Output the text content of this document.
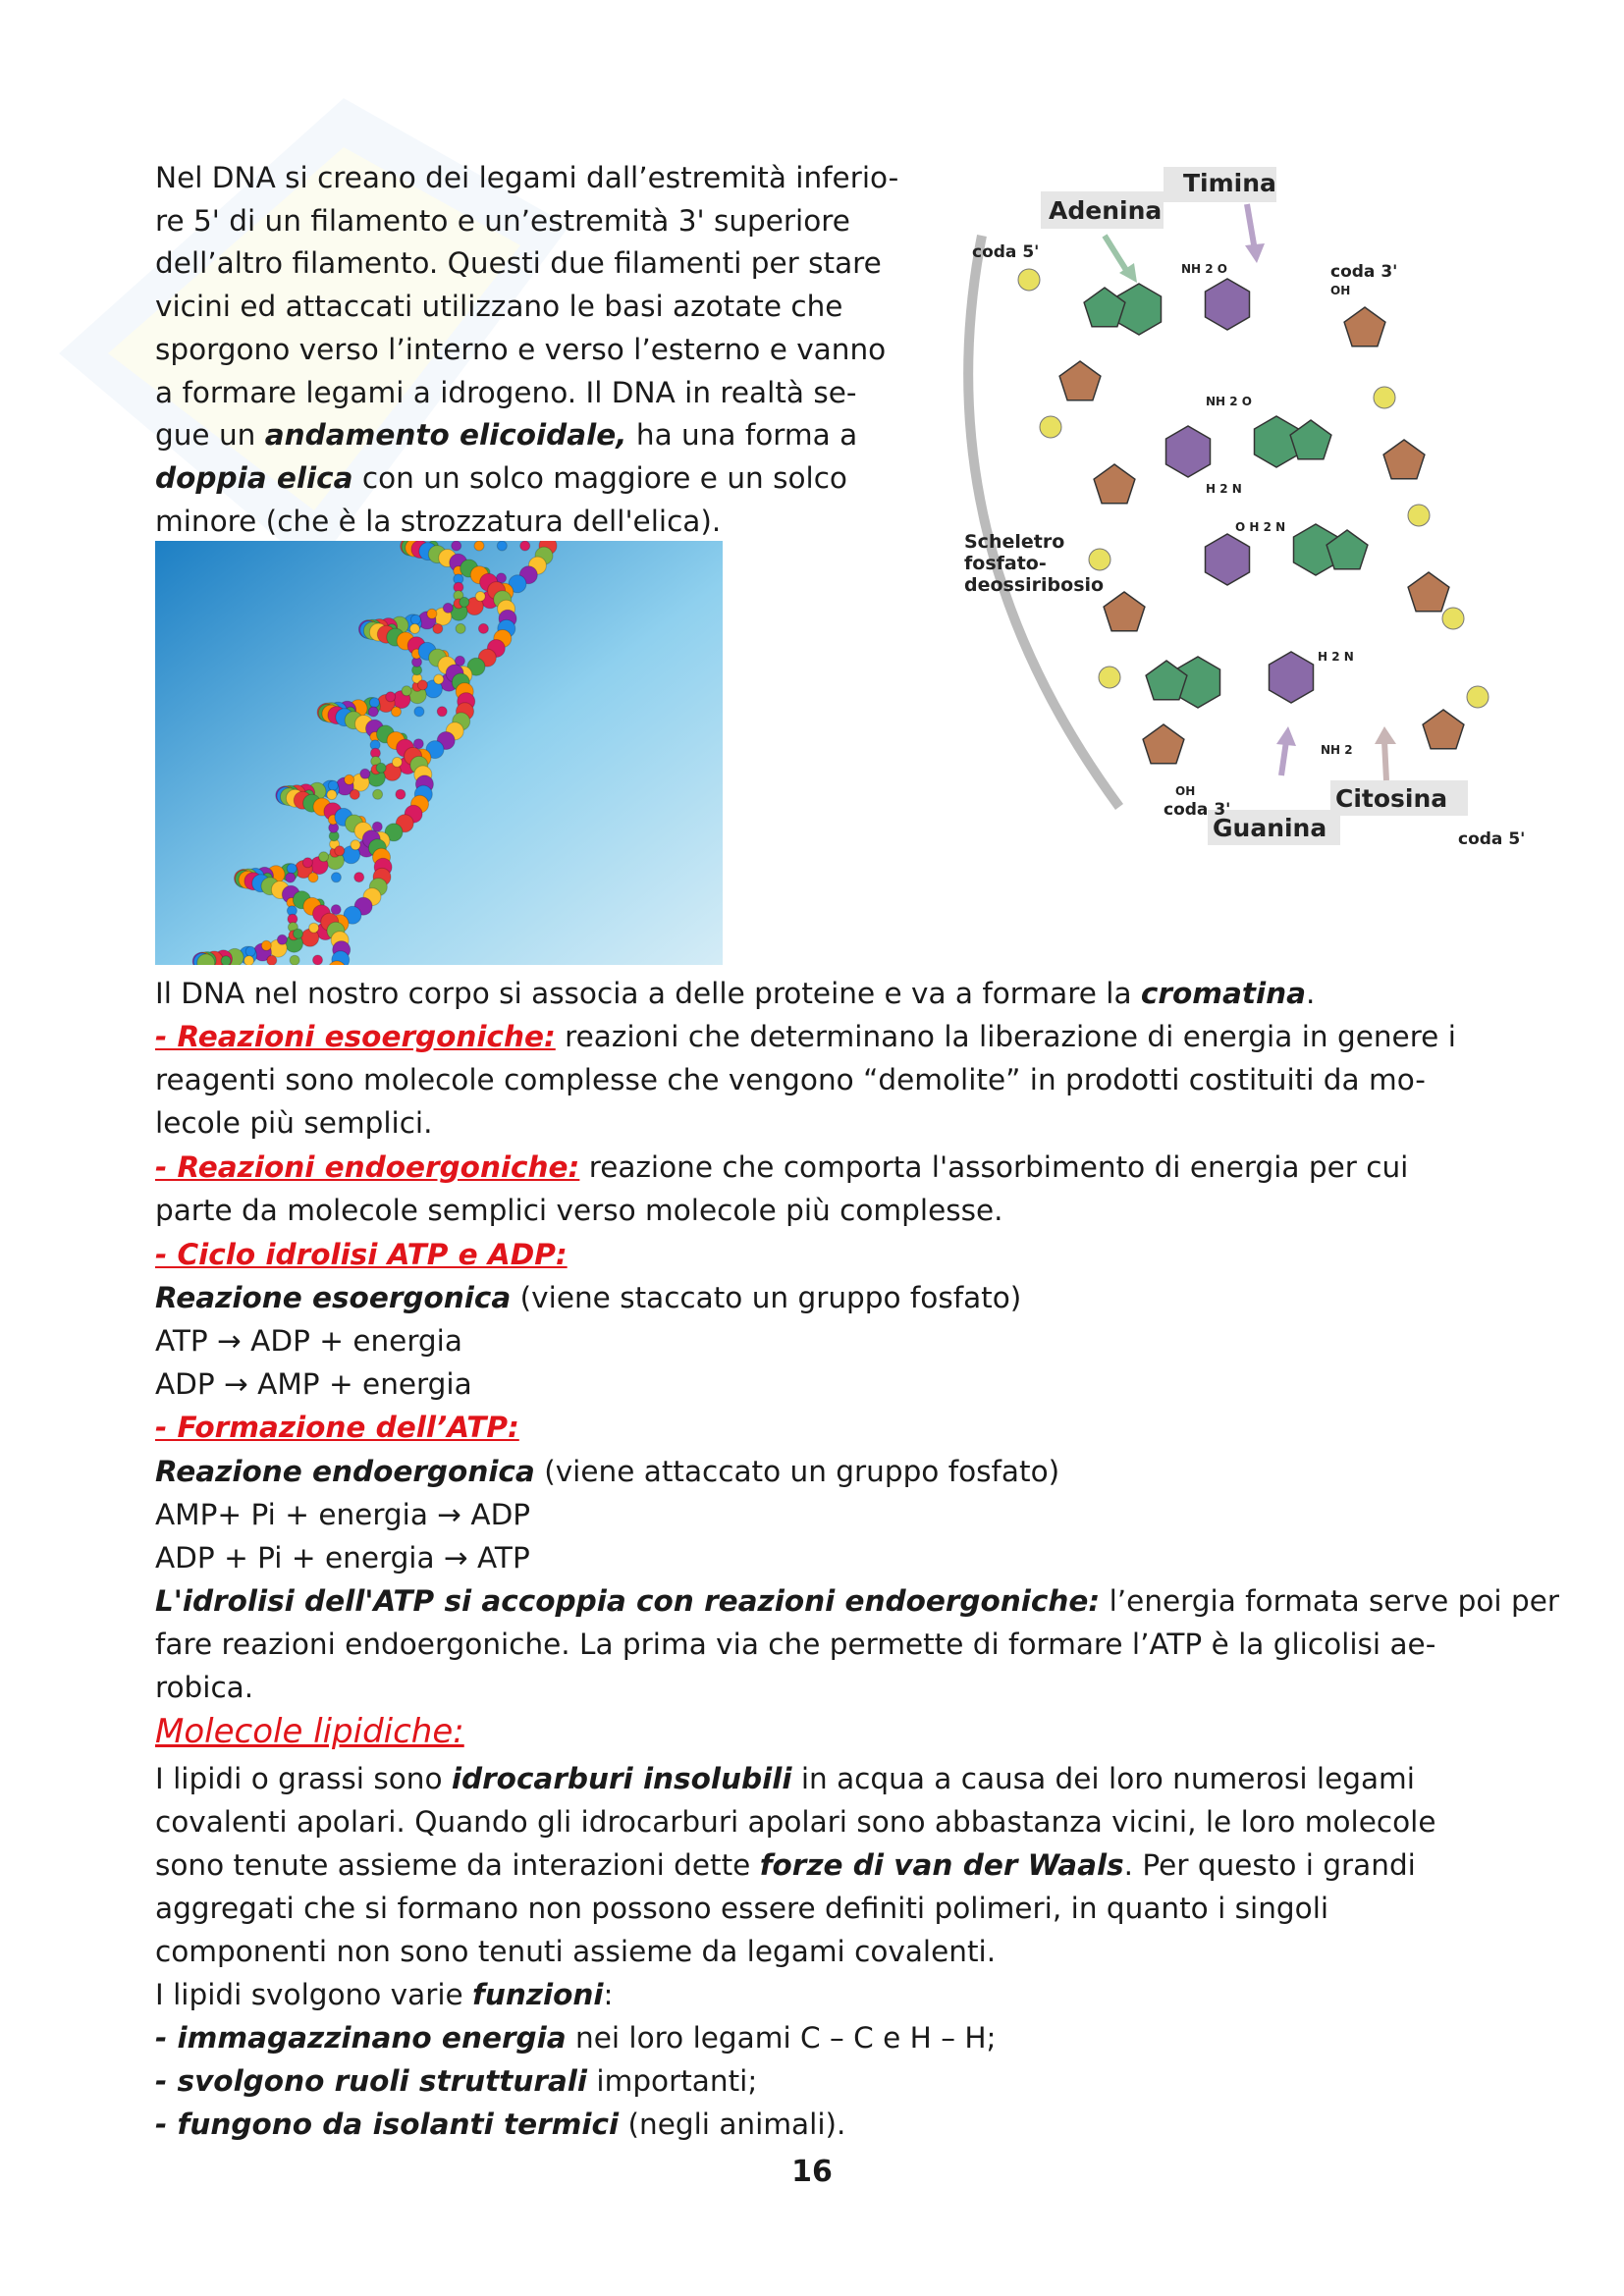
Nel DNA si creano dei legami dall’estremità inferio-
re 5' di un filamento e un’estremità 3' superiore
dell’altro filamento. Questi due filamenti per stare
vicini ed attaccati utilizzano le basi azotate che
sporgono verso l’interno e verso l’esterno e vanno
a formare legami a idrogeno. Il DNA in realtà se-
gue un andamento elicoidale, ha una forma a
doppia elica con un solco maggiore e un solco
minore (che è la strozzatura dell'elica).
Adenina
Timina
coda 5'
coda 3'
Scheletro
fosfato-
deossiribosio
Citosina
Guanina
coda 3'
coda 5'
OH
OH
NH 2 O
NH 2 O
H 2 N
O H 2 N
H 2 N
NH 2
Il DNA nel nostro corpo si associa a delle proteine e va a formare la cromatina.
- Reazioni esoergoniche: reazioni che determinano la liberazione di energia in genere i
reagenti sono molecole complesse che vengono “demolite” in prodotti costituiti da mo-
lecole più semplici.
- Reazioni endoergoniche: reazione che comporta l'assorbimento di energia per cui
parte da molecole semplici verso molecole più complesse.
- Ciclo idrolisi ATP e ADP:
Reazione esoergonica (viene staccato un gruppo fosfato)
ATP → ADP + energia
ADP → AMP + energia
- Formazione dell’ATP:
Reazione endoergonica (viene attaccato un gruppo fosfato)
AMP+ Pi + energia → ADP
ADP + Pi + energia → ATP
L'idrolisi dell'ATP si accoppia con reazioni endoergoniche: l’energia formata serve poi per
fare reazioni endoergoniche. La prima via che permette di formare l’ATP è la glicolisi ae-
robica.
Molecole lipidiche:
I lipidi o grassi sono idrocarburi insolubili in acqua a causa dei loro numerosi legami
covalenti apolari. Quando gli idrocarburi apolari sono abbastanza vicini, le loro molecole
sono tenute assieme da interazioni dette forze di van der Waals. Per questo i grandi
aggregati che si formano non possono essere definiti polimeri, in quanto i singoli
componenti non sono tenuti assieme da legami covalenti.
I lipidi svolgono varie funzioni:
- immagazzinano energia nei loro legami C – C e H – H;
- svolgono ruoli strutturali importanti;
- fungono da isolanti termici (negli animali).
16
